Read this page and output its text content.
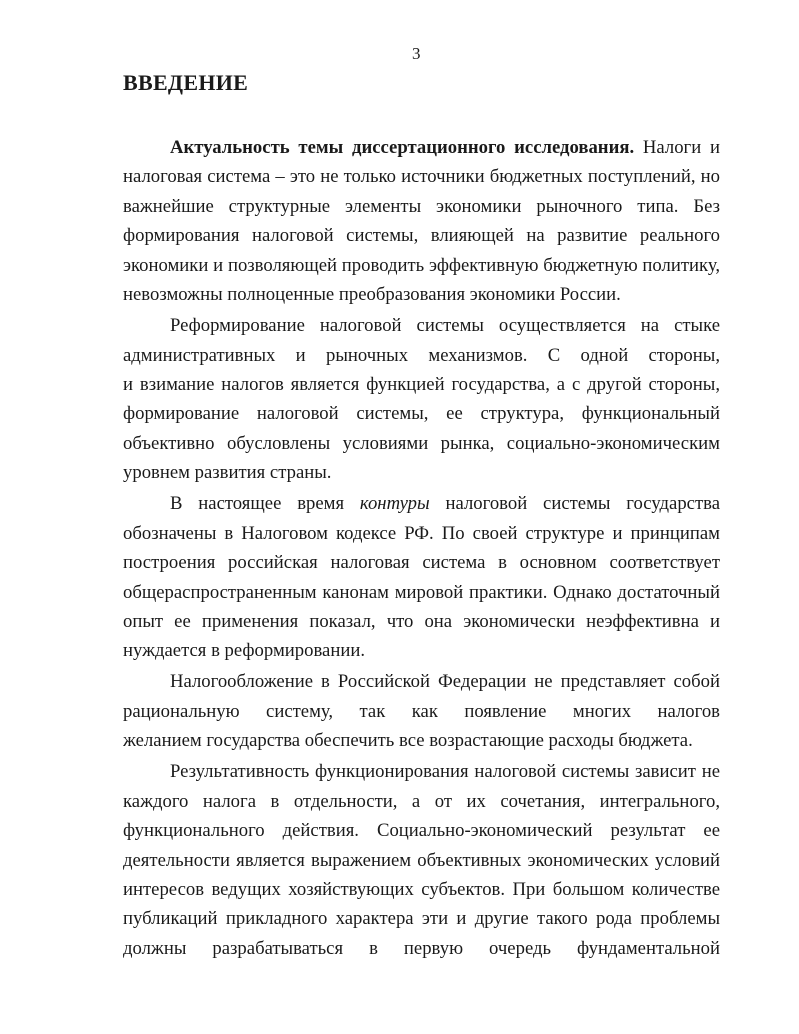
3
ВВЕДЕНИЕ
Актуальность темы диссертационного исследования. Налоги и
налоговая система – это не только источники бюджетных поступлений, но
важнейшие структурные элементы экономики рыночного типа. Без
формирования налоговой системы, влияющей на развитие реального
экономики и позволяющей проводить эффективную бюджетную политику,
невозможны полноценные преобразования экономики России.
Реформирование налоговой системы осуществляется на стыке
административных и рыночных механизмов. С одной стороны,
и взимание налогов является функцией государства, а с другой стороны,
формирование налоговой системы, ее структура, функциональный
объективно обусловлены условиями рынка, социально-экономическим
уровнем развития страны.
В настоящее время контуры налоговой системы государства
обозначены в Налоговом кодексе РФ. По своей структуре и принципам
построения российская налоговая система в основном соответствует
общераспространенным канонам мировой практики. Однако достаточный
опыт ее применения показал, что она экономически неэффективна и
нуждается в реформировании.
Налогообложение в Российской Федерации не представляет собой
рациональную систему, так как появление многих налогов
желанием государства обеспечить все возрастающие расходы бюджета.
Результативность функционирования налоговой системы зависит не
каждого налога в отдельности, а от их сочетания, интегрального,
функционального действия. Социально-экономический результат ее
деятельности является выражением объективных экономических условий
интересов ведущих хозяйствующих субъектов. При большом количестве
публикаций прикладного характера эти и другие такого рода проблемы
должны разрабатываться в первую очередь фундаментальной
